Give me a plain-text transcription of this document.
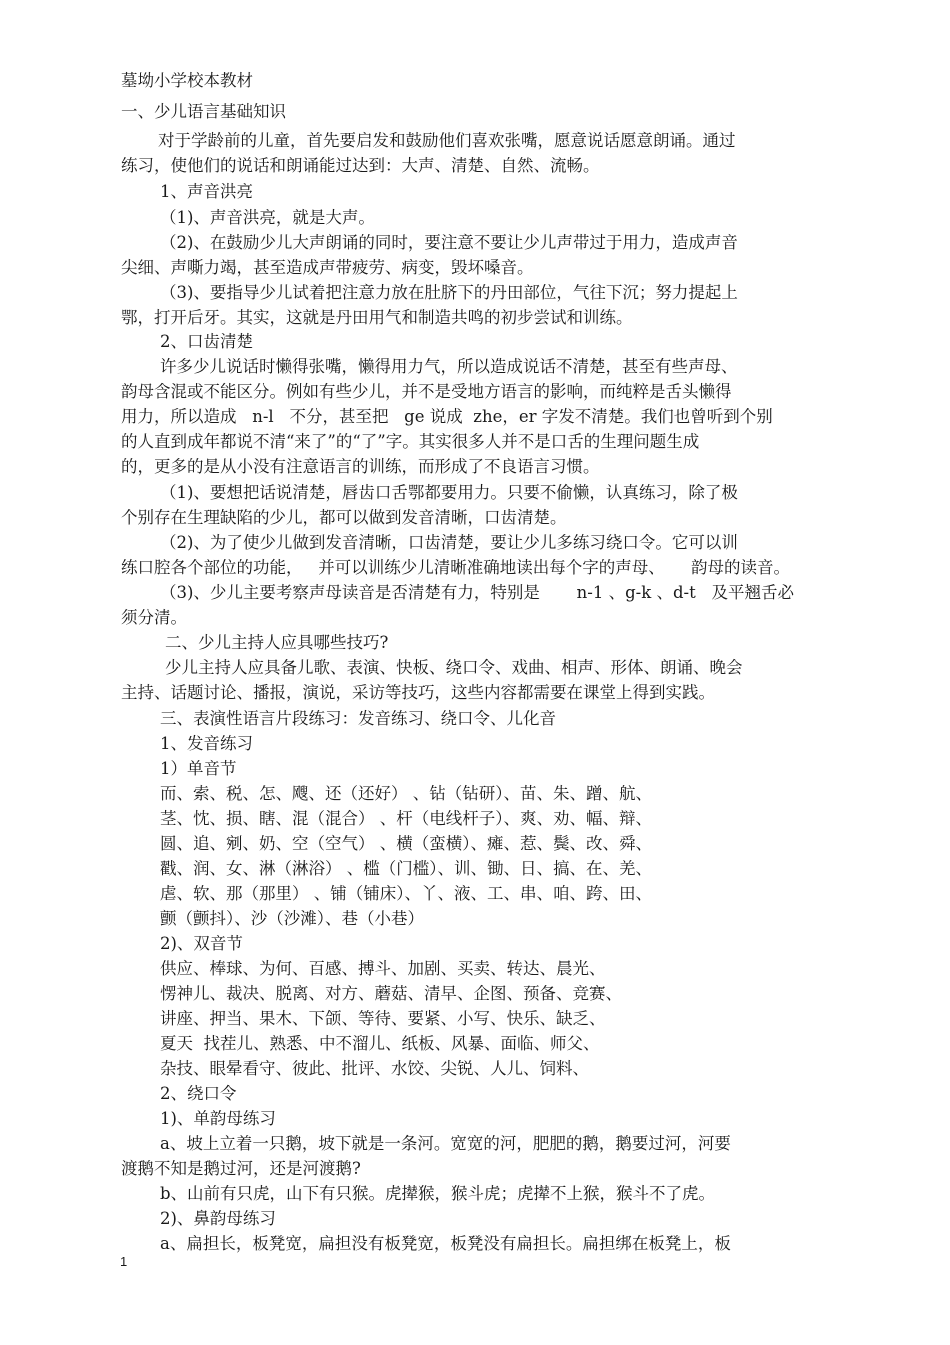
墓坳小学校本教材
一、少儿语言基础知识
对于学龄前的儿童，首先要启发和鼓励他们喜欢张嘴，愿意说话愿意朗诵。通过
练习，使他们的说话和朗诵能过达到：大声、清楚、自然、流畅。
1、声音洪亮
（1)、声音洪亮，就是大声。
（2)、在鼓励少儿大声朗诵的同时，要注意不要让少儿声带过于用力，造成声音
尖细、声嘶力竭，甚至造成声带疲劳、病变，毁坏嗓音。
（3)、要指导少儿试着把注意力放在肚脐下的丹田部位，气往下沉；努力提起上
鄂，打开后牙。其实，这就是丹田用气和制造共鸣的初步尝试和训练。
2、口齿清楚
许多少儿说话时懒得张嘴，懒得用力气，所以造成说话不清楚，甚至有些声母、
韵母含混或不能区分。例如有些少儿，并不是受地方语言的影响，而纯粹是舌头懒得
用力，所以造成   n-l   不分，甚至把   ge 说成  zhe，er 字发不清楚。我们也曾听到个别
的人直到成年都说不清“来了”的“了”字。其实很多人并不是口舌的生理问题生成
的，更多的是从小没有注意语言的训练，而形成了不良语言习惯。
（1)、要想把话说清楚，唇齿口舌鄂都要用力。只要不偷懒，认真练习，除了极
个别存在生理缺陷的少儿，都可以做到发音清晰，口齿清楚。
（2)、为了使少儿做到发音清晰，口齿清楚，要让少儿多练习绕口令。它可以训
练口腔各个部位的功能，   并可以训练少儿清晰准确地读出每个字的声母、     韵母的读音。
（3)、少儿主要考察声母读音是否清楚有力，特别是       n-1 、g-k 、d-t   及平翘舌必
须分清。
二、少儿主持人应具哪些技巧?
少儿主持人应具备儿歌、表演、快板、绕口令、戏曲、相声、形体、朗诵、晚会
主持、话题讨论、播报，演说，采访等技巧，这些内容都需要在课堂上得到实践。
三、表演性语言片段练习：发音练习、绕口令、儿化音
1、发音练习
1）单音节
而、索、税、怎、飕、还（还好） 、钻（钻研）、苗、朱、蹭、航、
茎、忱、损、瞎、混（混合） 、杆（电线杆子）、爽、劝、幅、辩、
圆、追、剜、奶、空（空气） 、横（蛮横）、瘫、惹、鬓、改、舜、
戳、润、女、淋（淋浴） 、槛（门槛）、训、锄、日、搞、在、羌、
虐、软、那（那里） 、铺（铺床）、丫、液、工、串、咱、跨、田、
颤（颤抖）、沙（沙滩）、巷（小巷）
2)、双音节
供应、棒球、为何、百感、搏斗、加剧、买卖、转达、晨光、
愣神儿、裁决、脱离、对方、蘑菇、清早、企图、预备、竞赛、
讲座、押当、果木、下颌、等待、要紧、小写、快乐、缺乏、
夏天  找茬儿、熟悉、中不溜儿、纸板、风暴、面临、师父、
杂技、眼晕看守、彼此、批评、水饺、尖锐、人儿、饲料、
2、绕口令
1)、单韵母练习
a、坡上立着一只鹅，坡下就是一条河。宽宽的河，肥肥的鹅，鹅要过河，河要
渡鹅不知是鹅过河，还是河渡鹅?
b、山前有只虎，山下有只猴。虎撵猴，猴斗虎；虎撵不上猴，猴斗不了虎。
2)、鼻韵母练习
a、扁担长，板凳宽，扁担没有板凳宽，板凳没有扁担长。扁担绑在板凳上，板
1
